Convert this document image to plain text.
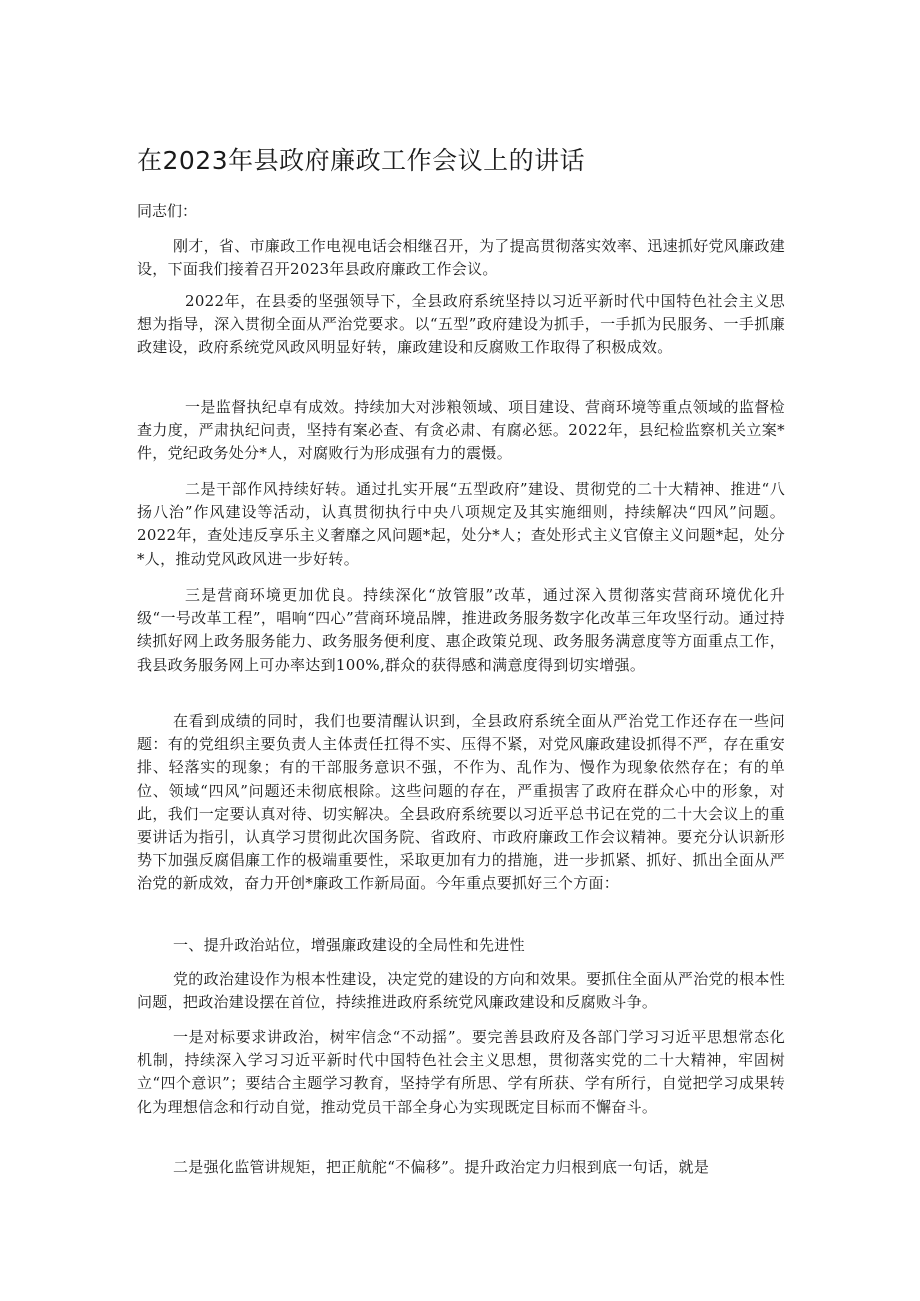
在2023年县政府廉政工作会议上的讲话

同志们：

刚才，省、市廉政工作电视电话会相继召开，为了提高贯彻落实效率、迅速抓好党风廉政建设，下面我们接着召开2023年县政府廉政工作会议。

2022年，在县委的坚强领导下，全县政府系统坚持以习近平新时代中国特色社会主义思想为指导，深入贯彻全面从严治党要求。以“五型”政府建设为抓手，一手抓为民服务、一手抓廉政建设，政府系统党风政风明显好转，廉政建设和反腐败工作取得了积极成效。

一是监督执纪卓有成效。持续加大对涉粮领域、项目建设、营商环境等重点领域的监督检查力度，严肃执纪问责，坚持有案必查、有贪必肃、有腐必惩。2022年，县纪检监察机关立案*件，党纪政务处分*人，对腐败行为形成强有力的震慑。

二是干部作风持续好转。通过扎实开展“五型政府”建设、贯彻党的二十大精神、推进“八扬八治”作风建设等活动，认真贯彻执行中央八项规定及其实施细则，持续解决“四风”问题。2022年，查处违反享乐主义奢靡之风问题*起，处分*人；查处形式主义官僚主义问题*起，处分*人，推动党风政风进一步好转。

三是营商环境更加优良。持续深化“放管服”改革，通过深入贯彻落实营商环境优化升级“一号改革工程”，唱响“四心”营商环境品牌，推进政务服务数字化改革三年攻坚行动。通过持续抓好网上政务服务能力、政务服务便利度、惠企政策兑现、政务服务满意度等方面重点工作，我县政务服务网上可办率达到100%,群众的获得感和满意度得到切实增强。

在看到成绩的同时，我们也要清醒认识到，全县政府系统全面从严治党工作还存在一些问题：有的党组织主要负责人主体责任扛得不实、压得不紧，对党风廉政建设抓得不严，存在重安排、轻落实的现象；有的干部服务意识不强，不作为、乱作为、慢作为现象依然存在；有的单位、领域“四风”问题还未彻底根除。这些问题的存在，严重损害了政府在群众心中的形象，对此，我们一定要认真对待、切实解决。全县政府系统要以习近平总书记在党的二十大会议上的重要讲话为指引，认真学习贯彻此次国务院、省政府、市政府廉政工作会议精神。要充分认识新形势下加强反腐倡廉工作的极端重要性，采取更加有力的措施，进一步抓紧、抓好、抓出全面从严治党的新成效，奋力开创*廉政工作新局面。今年重点要抓好三个方面：

一、提升政治站位，增强廉政建设的全局性和先进性

党的政治建设作为根本性建设，决定党的建设的方向和效果。要抓住全面从严治党的根本性问题，把政治建设摆在首位，持续推进政府系统党风廉政建设和反腐败斗争。

一是对标要求讲政治，树牢信念“不动摇”。要完善县政府及各部门学习习近平思想常态化机制，持续深入学习习近平新时代中国特色社会主义思想，贯彻落实党的二十大精神，牢固树立“四个意识”；要结合主题学习教育，坚持学有所思、学有所获、学有所行，自觉把学习成果转化为理想信念和行动自觉，推动党员干部全身心为实现既定目标而不懈奋斗。

二是强化监管讲规矩，把正航舵“不偏移”。提升政治定力归根到底一句话，就是
